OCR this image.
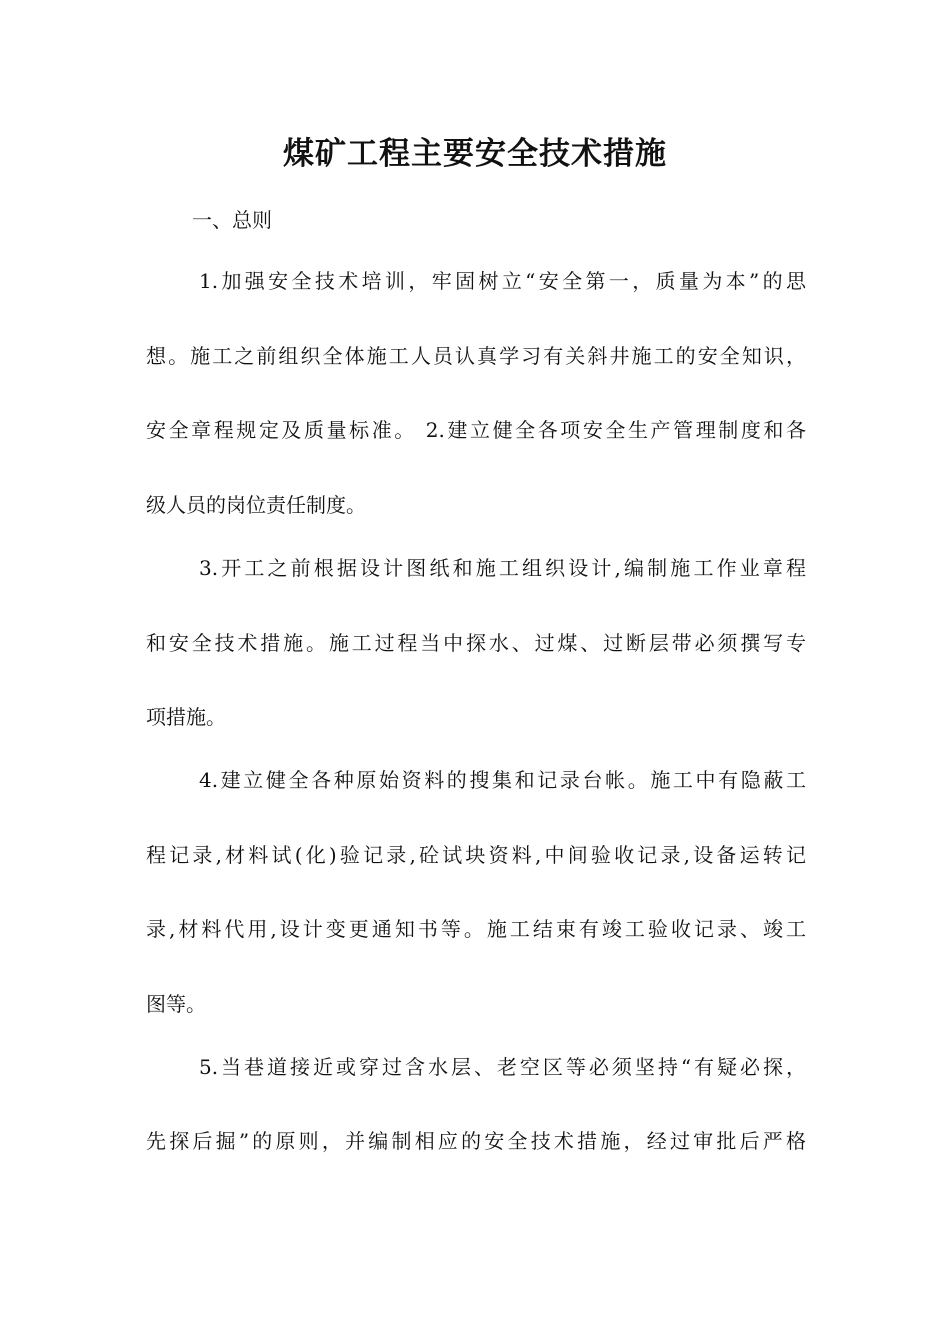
煤矿工程主要安全技术措施

一、总则

1.加强安全技术培训，牢固树立“安全第一，质量为本”的思

想。施工之前组织全体施工人员认真学习有关斜井施工的安全知识，

安全章程规定及质量标准。 2.建立健全各项安全生产管理制度和各

级人员的岗位责任制度。

3.开工之前根据设计图纸和施工组织设计,编制施工作业章程

和安全技术措施。施工过程当中探水、过煤、过断层带必须撰写专

项措施。

4.建立健全各种原始资料的搜集和记录台帐。施工中有隐蔽工

程记录,材料试(化)验记录,砼试块资料,中间验收记录,设备运转记

录,材料代用,设计变更通知书等。施工结束有竣工验收记录、竣工

图等。

5.当巷道接近或穿过含水层、老空区等必须坚持“有疑必探，

先探后掘”的原则，并编制相应的安全技术措施，经过审批后严格
